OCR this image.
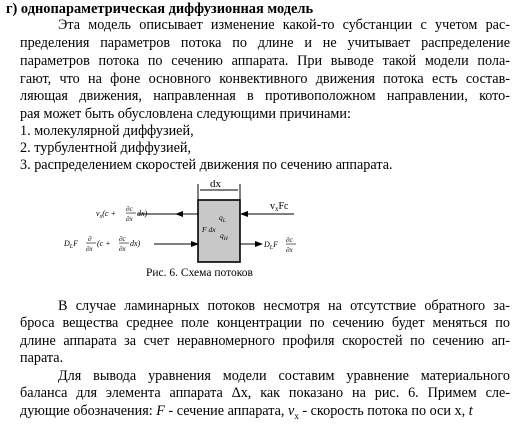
г) однопараметрическая диффузионная модель
Эта модель описывает изменение какой-то субстанции с учетом рас-
пределения параметров потока по длине и не учитывает распределение
параметров потока по сечению аппарата. При выводе такой модели пола-
гают, что на фоне основного конвективного движения потока есть состав-
ляющая движения, направленная в противоположном направлении, кото-
рая может быть обусловлена следующими причинами:
1. молекулярной диффузией,
2. турбулентной диффузией,
3. распределением скоростей движения по сечению аппарата.
dx
$q_L$
F dx
$q_H$
$v_x(c + \partial c$
∂x
dx)
$v_xFc$
$D_LF$ ∂
∂x
(c + ∂c
∂x
dx)	$D_LF$ ∂c
∂x
Рис. 6. Схема потоков
В случае ламинарных потоков несмотря на отсутствие обратного за-
броса вещества среднее поле концентрации по сечению будет меняться по
длине аппарата за счет неравномерного профиля скоростей по сечению ап-
парата.
Для вывода уравнения модели составим уравнение материального
баланса для элемента аппарата Δx, как показано на рис. 6. Примем сле-
дующие обозначения: F - сечение аппарата, $v_x$ - скорость потока по оси x, t
